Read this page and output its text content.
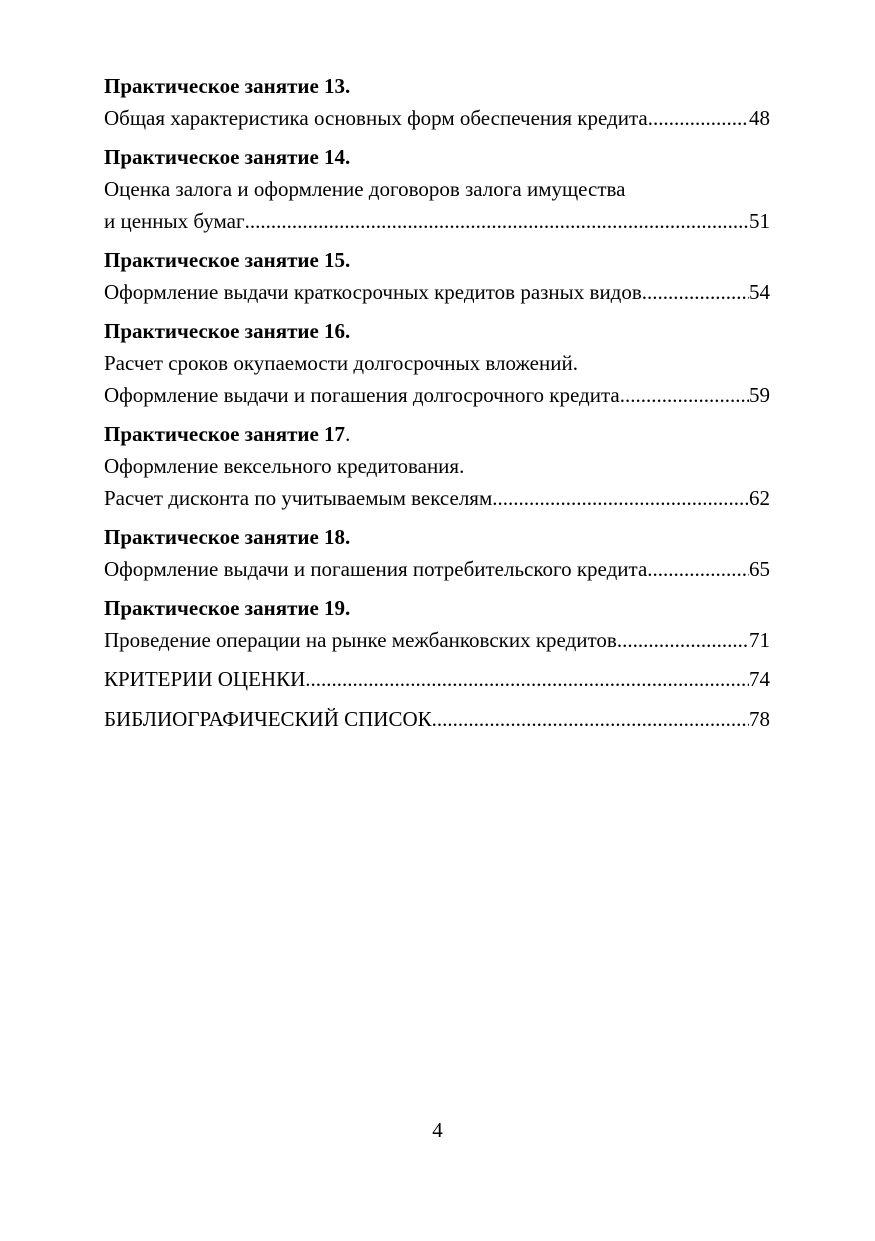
Практическое занятие 13.
Общая характеристика основных форм обеспечения кредита .....	48
Практическое занятие 14.
Оценка залога и оформление договоров залога имущества
и ценных бумаг .....	51
Практическое занятие 15.
Оформление выдачи краткосрочных кредитов разных видов .....	54
Практическое занятие 16.
Расчет сроков окупаемости долгосрочных вложений.
Оформление выдачи и погашения долгосрочного кредита .....	59
Практическое занятие 17.
Оформление вексельного кредитования.
Расчет дисконта по учитываемым векселям .....	62
Практическое занятие 18.
Оформление выдачи и погашения потребительского кредита .....	65
Практическое занятие 19.
Проведение операции на рынке межбанковских кредитов .....	71
КРИТЕРИИ ОЦЕНКИ .....	74
БИБЛИОГРАФИЧЕСКИЙ СПИСОК .....	78
4
